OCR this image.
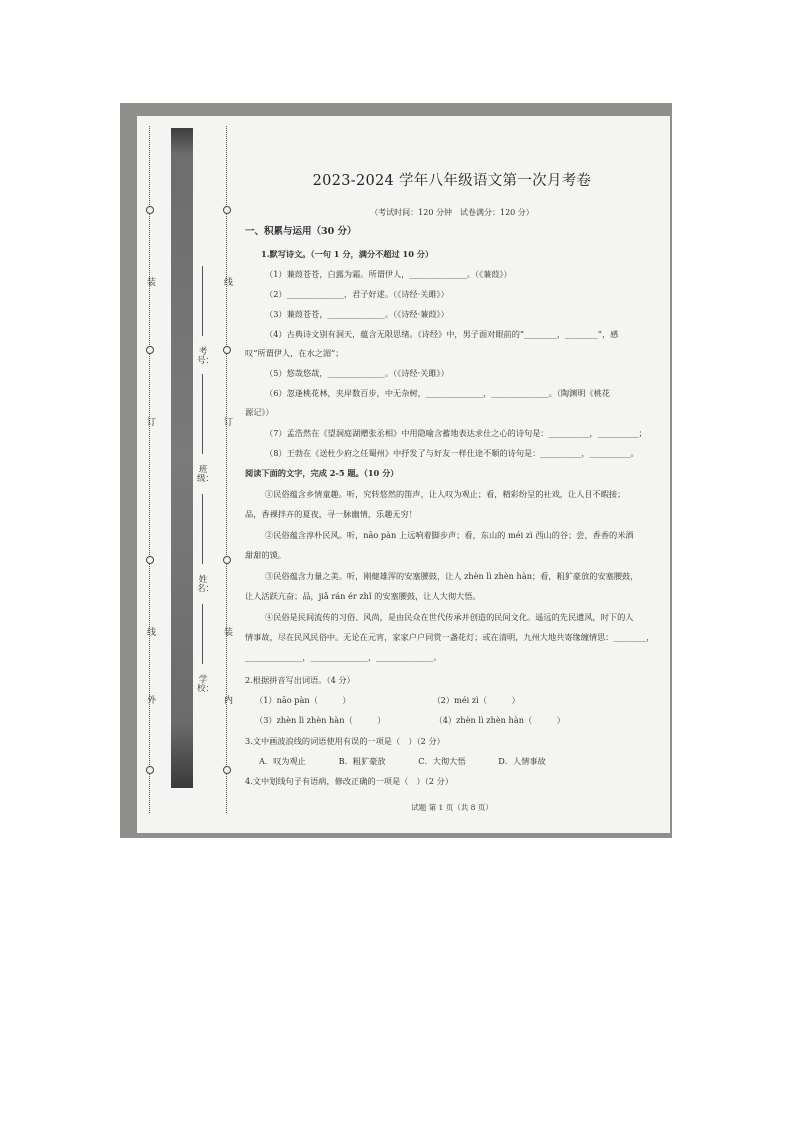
装
订
线
外
线
订
装
内
考号：
班级：
姓名：
学校：
2023-2024 学年八年级语文第一次月考卷
（考试时间：120 分钟　试卷满分：120 分）
一、积累与运用（30 分）
1.默写诗文。（一句 1 分，满分不超过 10 分）
（1）蒹葭苍苍，白露为霜。所谓伊人，______________。（《蒹葭》）
（2）______________，君子好逑。（《诗经·关雎》）
（3）蒹葭苍苍，______________。（《诗经·蒹葭》）
（4）古典诗文别有洞天，蕴含无限思绪。《诗经》中，男子面对眼前的“________，________”，感
叹“所谓伊人，在水之湄”；
（5）悠哉悠哉，______________。（《诗经·关雎》）
（6）忽逢桃花林，夹岸数百步，中无杂树，______________，______________。（陶渊明《桃花
源记》）
（7）孟浩然在《望洞庭湖赠张丞相》中用隐喻含蓄地表达求仕之心的诗句是：__________，__________；
（8）王勃在《送杜少府之任蜀州》中抒发了与好友一样仕途不顺的诗句是：__________，__________。
阅读下面的文字，完成 2-5 题。（10 分）
①民俗蕴含乡情童趣。听，究转悠然的笛声，让人叹为观止；看，精彩纷呈的社戏，让人目不暇接；
品，香裸拌卉的夏夜，寻一脉幽情，乐趣无穷！
②民俗蕴含淳朴民风。听，nāo pàn 上远响着脚步声；看，东山的 méi zì 西山的谷；尝，香香的米酒
甜甜的馍。
③民俗蕴含力量之美。听，刚健雄浑的安塞腰鼓，让人 zhèn lì zhèn hàn；看，粗犷豪放的安塞腰鼓，
让人活跃亢奋；品，jiǎ rán ér zhǐ 的安塞腰鼓，让人大彻大悟。
④民俗是民间流传的习俗、风尚，是由民众在世代传承并创造的民间文化。遥远的先民遗风，时下的人
情事故，尽在民风民俗中。无论在元宵，家家户户同赏一盏花灯；或在清明，九州大地共寄缘缠情思：________，
______________，______________，______________。
2.根据拼音写出词语。（4 分）
（1）nāo pàn（　　　）　　　　　　　　　　　（2）méi zì（　　　）
（3）zhèn lì zhèn hàn（　　　）　　　　　　　（4）zhèn lì zhèn hàn（　　　）
3.文中画波浪线的词语使用有误的一项是（　）（2 分）
A．叹为观止　　　　B．粗犷豪放　　　　C．大彻大悟　　　　D．人情事故
4.文中划线句子有语病，修改正确的一项是（　）（2 分）
试题 第 1 页（共 8 页）
